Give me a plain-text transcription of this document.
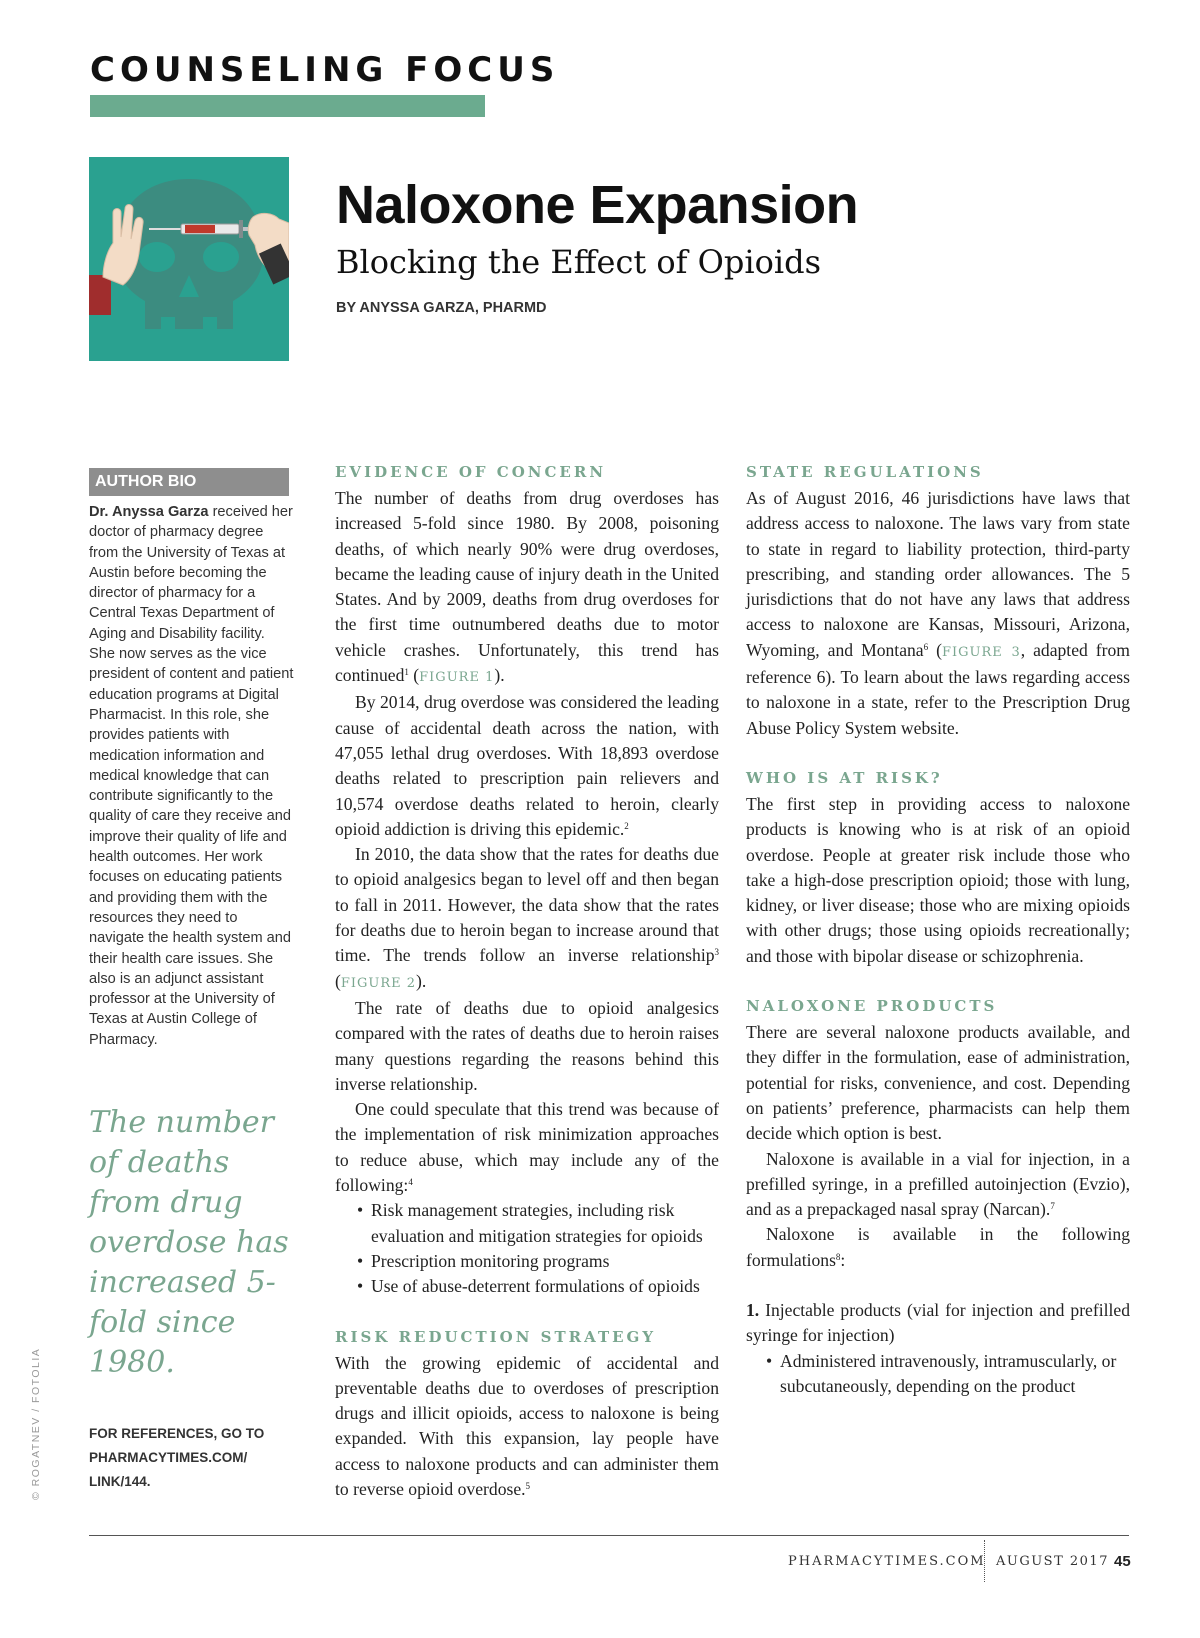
COUNSELING FOCUS
Naloxone Expansion
Blocking the Effect of Opioids
BY ANYSSA GARZA, PHARMD
AUTHOR BIO
Dr. Anyssa Garza received her doctor of pharmacy degree from the University of Texas at Austin before becoming the director of pharmacy for a Central Texas Department of Aging and Disability facility. She now serves as the vice president of content and patient education programs at Digital Pharmacist. In this role, she provides patients with medication information and medical knowledge that can contribute significantly to the quality of care they receive and improve their quality of life and health outcomes. Her work focuses on educating patients and providing them with the resources they need to navigate the health system and their health care issues. She also is an adjunct assistant professor at the University of Texas at Austin College of Pharmacy.
The number of deaths from drug overdose has increased 5-fold since 1980.
FOR REFERENCES, GO TO
PHARMACYTIMES.COM/
LINK/144.
© ROGATNEV / FOTOLIA
EVIDENCE OF CONCERN

The number of deaths from drug overdoses has increased 5-fold since 1980. By 2008, poisoning deaths, of which nearly 90% were drug overdoses, became the leading cause of injury death in the United States. And by 2009, deaths from drug overdoses for the first time outnumbered deaths due to motor vehicle crashes. Unfortunately, this trend has continued$^1$ (FIGURE 1).

By 2014, drug overdose was considered the leading cause of accidental death across the nation, with 47,055 lethal drug overdoses. With 18,893 overdose deaths related to prescription pain relievers and 10,574 overdose deaths related to heroin, clearly opioid addiction is driving this epidemic.$^2$

In 2010, the data show that the rates for deaths due to opioid analgesics began to level off and then began to fall in 2011. However, the data show that the rates for deaths due to heroin began to increase around that time. The trends follow an inverse relationship$^3$ (FIGURE 2).

The rate of deaths due to opioid analgesics compared with the rates of deaths due to heroin raises many questions regarding the reasons behind this inverse relationship.

One could speculate that this trend was because of the implementation of risk minimization approaches to reduce abuse, which may include any of the following:$^4$

• Risk management strategies, including risk evaluation and mitigation strategies for opioids
• Prescription monitoring programs
• Use of abuse-deterrent formulations of opioids
RISK REDUCTION STRATEGY

With the growing epidemic of accidental and preventable deaths due to overdoses of prescription drugs and illicit opioids, access to naloxone is being expanded. With this expansion, lay people have access to naloxone products and can administer them to reverse opioid overdose.$^5$

STATE REGULATIONS

As of August 2016, 46 jurisdictions have laws that address access to naloxone. The laws vary from state to state in regard to liability protection, third-party prescribing, and standing order allowances. The 5 jurisdictions that do not have any laws that address access to naloxone are Kansas, Missouri, Arizona, Wyoming, and Montana$^6$ (FIGURE 3, adapted from reference 6). To learn about the laws regarding access to naloxone in a state, refer to the Prescription Drug Abuse Policy System website.

WHO IS AT RISK?

The first step in providing access to naloxone products is knowing who is at risk of an opioid overdose. People at greater risk include those who take a high-dose prescription opioid; those with lung, kidney, or liver disease; those who are mixing opioids with other drugs; those using opioids recreationally; and those with bipolar disease or schizophrenia.

NALOXONE PRODUCTS

There are several naloxone products available, and they differ in the formulation, ease of administration, potential for risks, convenience, and cost. Depending on patients’ preference, pharmacists can help them decide which option is best.

Naloxone is available in a vial for injection, in a prefilled syringe, in a prefilled autoinjection (Evzio), and as a prepackaged nasal spray (Narcan).$^7$

Naloxone is available in the following formulations$^8$:

1. Injectable products (vial for injection and prefilled syringe for injection)

• Administered intravenously, intramuscularly, or subcutaneously, depending on the product
PHARMACYTIMES.COM AUGUST 2017 45
